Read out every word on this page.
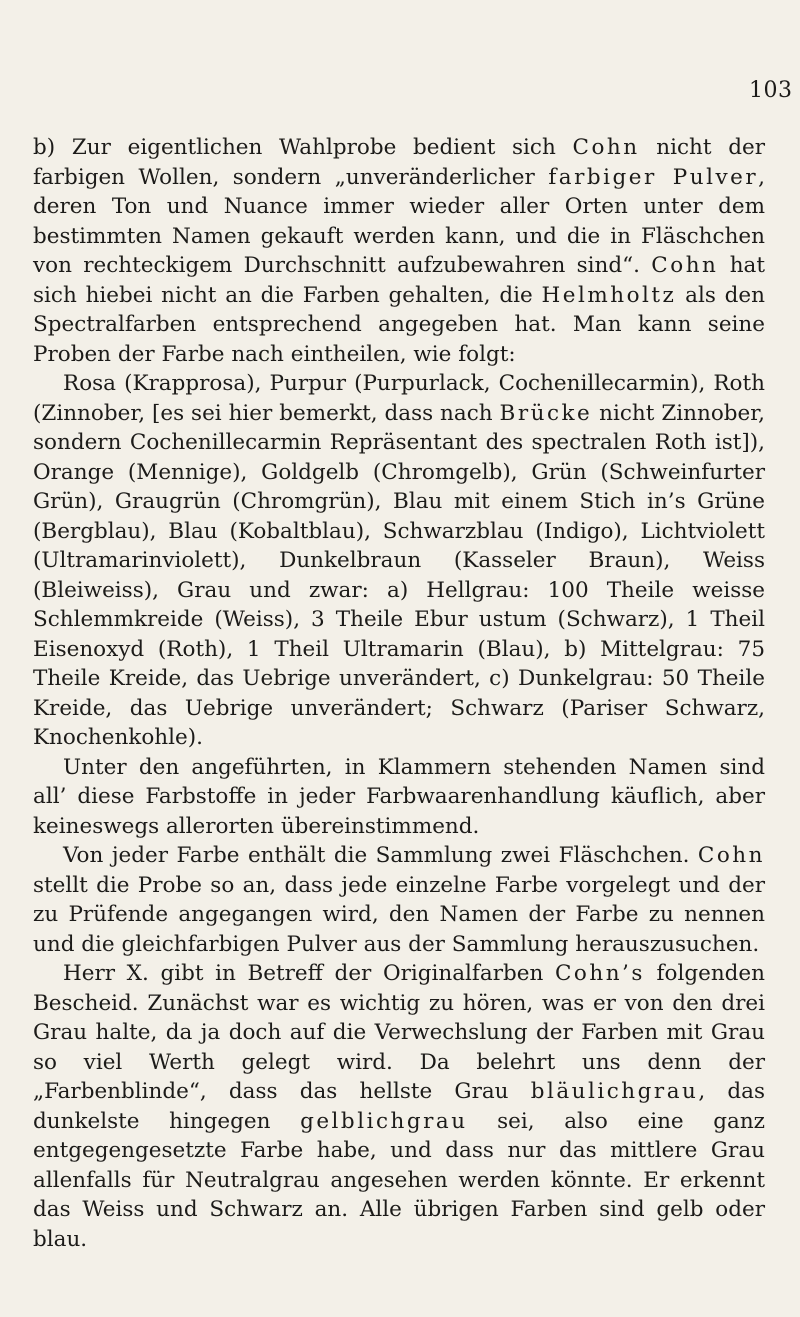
103

b) Zur eigentlichen Wahlprobe bedient sich Cohn nicht der farbigen Wollen, sondern „unveränderlicher farbiger Pulver, deren Ton und Nuance immer wieder aller Orten unter dem bestimmten Namen gekauft werden kann, und die in Fläschchen von rechteckigem Durchschnitt aufzubewahren sind“. Cohn hat sich hiebei nicht an die Farben gehalten, die Helmholtz als den Spectralfarben entsprechend angegeben hat. Man kann seine Proben der Farbe nach eintheilen, wie folgt:

Rosa (Krapprosa), Purpur (Purpurlack, Cochenillecarmin), Roth (Zinnober, [es sei hier bemerkt, dass nach Brücke nicht Zinnober, sondern Cochenillecarmin Repräsentant des spectralen Roth ist]), Orange (Mennige), Goldgelb (Chromgelb), Grün (Schweinfurter Grün), Graugrün (Chromgrün), Blau mit einem Stich in’s Grüne (Bergblau), Blau (Kobaltblau), Schwarzblau (Indigo), Lichtviolett (Ultramarinviolett), Dunkelbraun (Kasseler Braun), Weiss (Bleiweiss), Grau und zwar: a) Hellgrau: 100 Theile weisse Schlemmkreide (Weiss), 3 Theile Ebur ustum (Schwarz), 1 Theil Eisenoxyd (Roth), 1 Theil Ultramarin (Blau), b) Mittelgrau: 75 Theile Kreide, das Uebrige unverändert, c) Dunkelgrau: 50 Theile Kreide, das Uebrige unverändert; Schwarz (Pariser Schwarz, Knochenkohle).

Unter den angeführten, in Klammern stehenden Namen sind all’ diese Farbstoffe in jeder Farbwaarenhandlung käuflich, aber keineswegs allerorten übereinstimmend.

Von jeder Farbe enthält die Sammlung zwei Fläschchen. Cohn stellt die Probe so an, dass jede einzelne Farbe vorgelegt und der zu Prüfende angegangen wird, den Namen der Farbe zu nennen und die gleichfarbigen Pulver aus der Sammlung herauszusuchen.

Herr X. gibt in Betreff der Originalfarben Cohn’s folgenden Bescheid. Zunächst war es wichtig zu hören, was er von den drei Grau halte, da ja doch auf die Verwechslung der Farben mit Grau so viel Werth gelegt wird. Da belehrt uns denn der „Farbenblinde“, dass das hellste Grau bläulichgrau, das dunkelste hingegen gelblichgrau sei, also eine ganz entgegengesetzte Farbe habe, und dass nur das mittlere Grau allenfalls für Neutralgrau angesehen werden könnte. Er erkennt das Weiss und Schwarz an. Alle übrigen Farben sind gelb oder blau.
